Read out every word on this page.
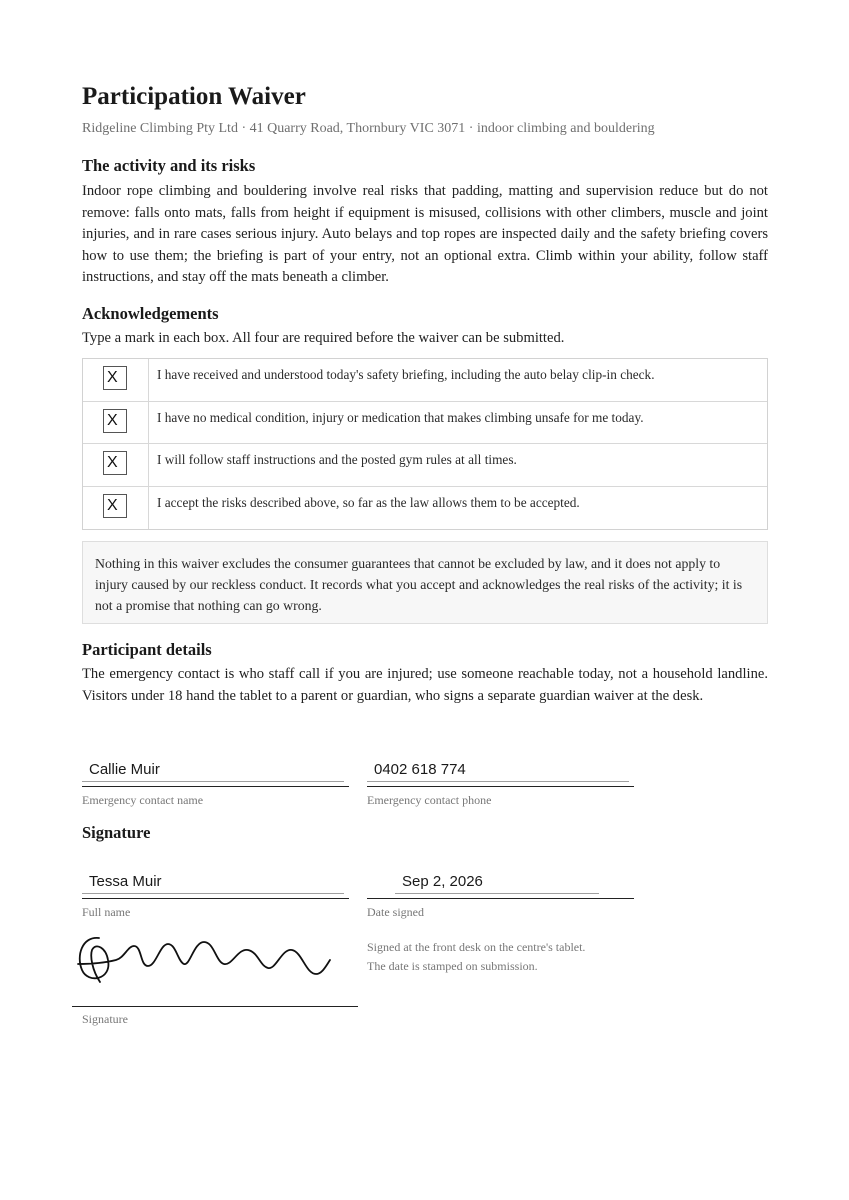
Participation Waiver
Ridgeline Climbing Pty Ltd · 41 Quarry Road, Thornbury VIC 3071 · indoor climbing and bouldering
The activity and its risks

Indoor rope climbing and bouldering involve real risks that padding, matting and supervision reduce but do not remove: falls onto mats, falls from height if equipment is misused, collisions with other climbers, muscle and joint injuries, and in rare cases serious injury. Auto belays and top ropes are inspected daily and the safety briefing covers how to use them; the briefing is part of your entry, not an optional extra. Climb within your ability, follow staff instructions, and stay off the mats beneath a climber.

Acknowledgements
Type a mark in each box. All four are required before the waiver can be submitted.
X
I have received and understood today's safety briefing, including the auto belay clip-in check.
X
I have no medical condition, injury or medication that makes climbing unsafe for me today.
X
I will follow staff instructions and the posted gym rules at all times.
X
I accept the risks described above, so far as the law allows them to be accepted.
Nothing in this waiver excludes the consumer guarantees that cannot be excluded by law, and it does not apply to injury caused by our reckless conduct. It records what you accept and acknowledges the real risks of the activity; it is not a promise that nothing can go wrong.
Participant details

The emergency contact is who staff call if you are injured; use someone reachable today, not a household landline. Visitors under 18 hand the tablet to a parent or guardian, who signs a separate guardian waiver at the desk.

Callie Muir
Emergency contact name
0402 618 774	Emergency contact phone
Signature
Tessa Muir
Full name
Sep 2, 2026	Date signed
Signature
Signed at the front desk on the centre's tablet.
The date is stamped on submission.
